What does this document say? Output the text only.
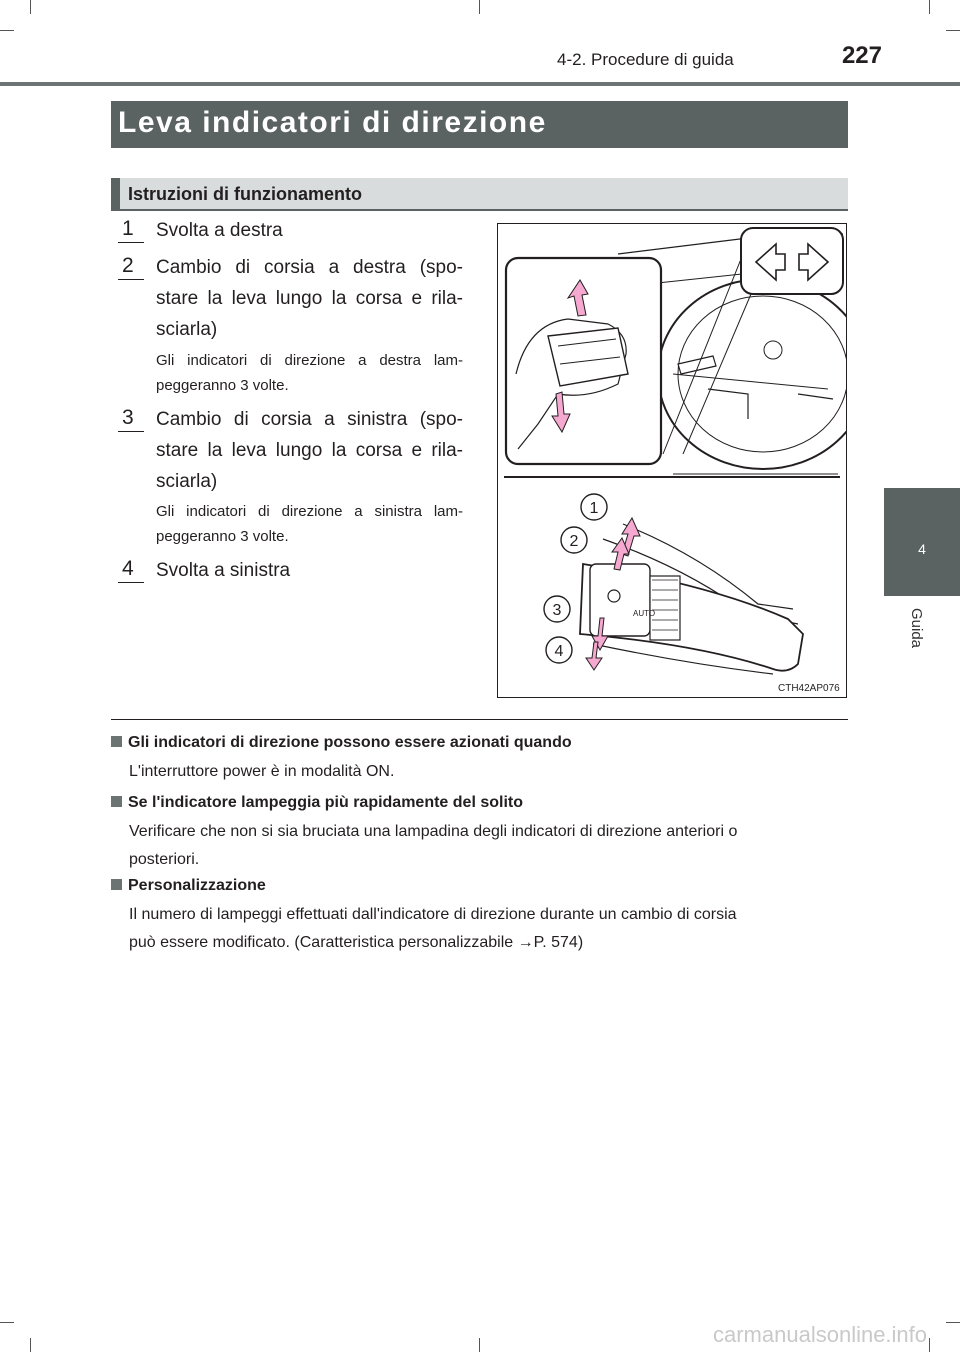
4-2. Procedure di guida	227
4
Guida
Leva indicatori di direzione
Istruzioni di funzionamento
1 Svolta a destra
2 Cambio di corsia a destra (spo-
stare la leva lungo la corsa e rila-
sciarla)
Gli indicatori di direzione a destra lam-
peggeranno 3 volte.
3 Cambio di corsia a sinistra (spo-
stare la leva lungo la corsa e rila-
sciarla)
Gli indicatori di direzione a sinistra lam-
peggeranno 3 volte.
4 Svolta a sinistra
AUTO
1
2
3
4
CTH42AP076
Gli indicatori di direzione possono essere azionati quando
L'interruttore power è in modalità ON.
Se l'indicatore lampeggia più rapidamente del solito
Verificare che non si sia bruciata una lampadina degli indicatori di direzione anteriori o
posteriori.
Personalizzazione
Il numero di lampeggi effettuati dall'indicatore di direzione durante un cambio di corsia
può essere modificato. (Caratteristica personalizzabile →P. 574)
carmanualsonline.info
